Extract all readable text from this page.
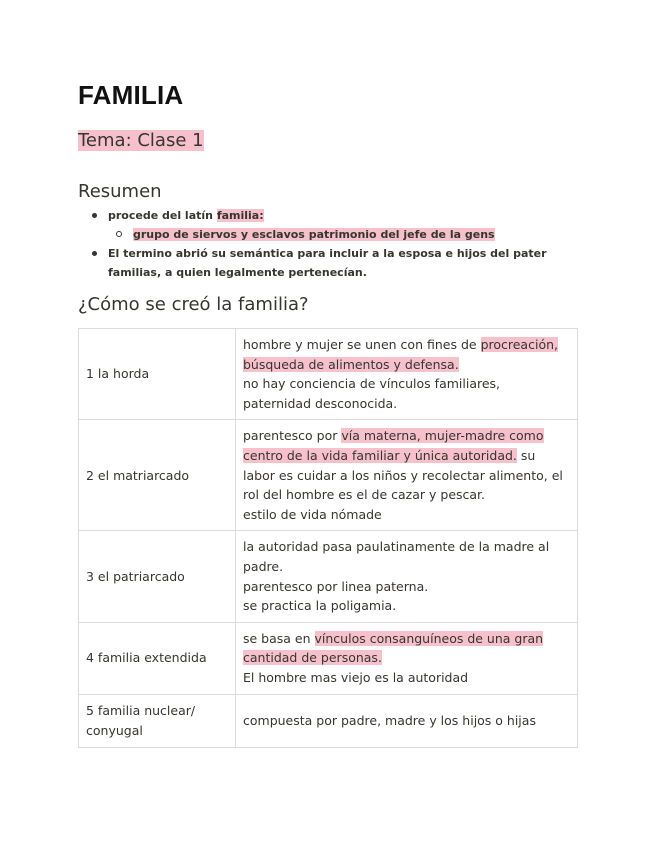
FAMILIA
Tema: Clase 1
Resumen
procede del latín familia:
grupo de siervos y esclavos patrimonio del jefe de la gens
El termino abrió su semántica para incluir a la esposa e hijos del pater familias, a quien legalmente pertenecían.
¿Cómo se creó la familia?
1 la horda	hombre y mujer se unen con fines de procreación, búsqueda de alimentos y defensa.
no hay conciencia de vínculos familiares, paternidad desconocida.
2 el matriarcado	parentesco por vía materna, mujer-madre como centro de la vida familiar y única autoridad. su labor es cuidar a los niños y recolectar alimento, el rol del hombre es el de cazar y pescar.
estilo de vida nómade
3 el patriarcado	la autoridad pasa paulatinamente de la madre al padre.
parentesco por linea paterna.
se practica la poligamia.
4 familia extendida	se basa en vínculos consanguíneos de una gran cantidad de personas.
El hombre mas viejo es la autoridad
5 familia nuclear/ conyugal	compuesta por padre, madre y los hijos o hijas
